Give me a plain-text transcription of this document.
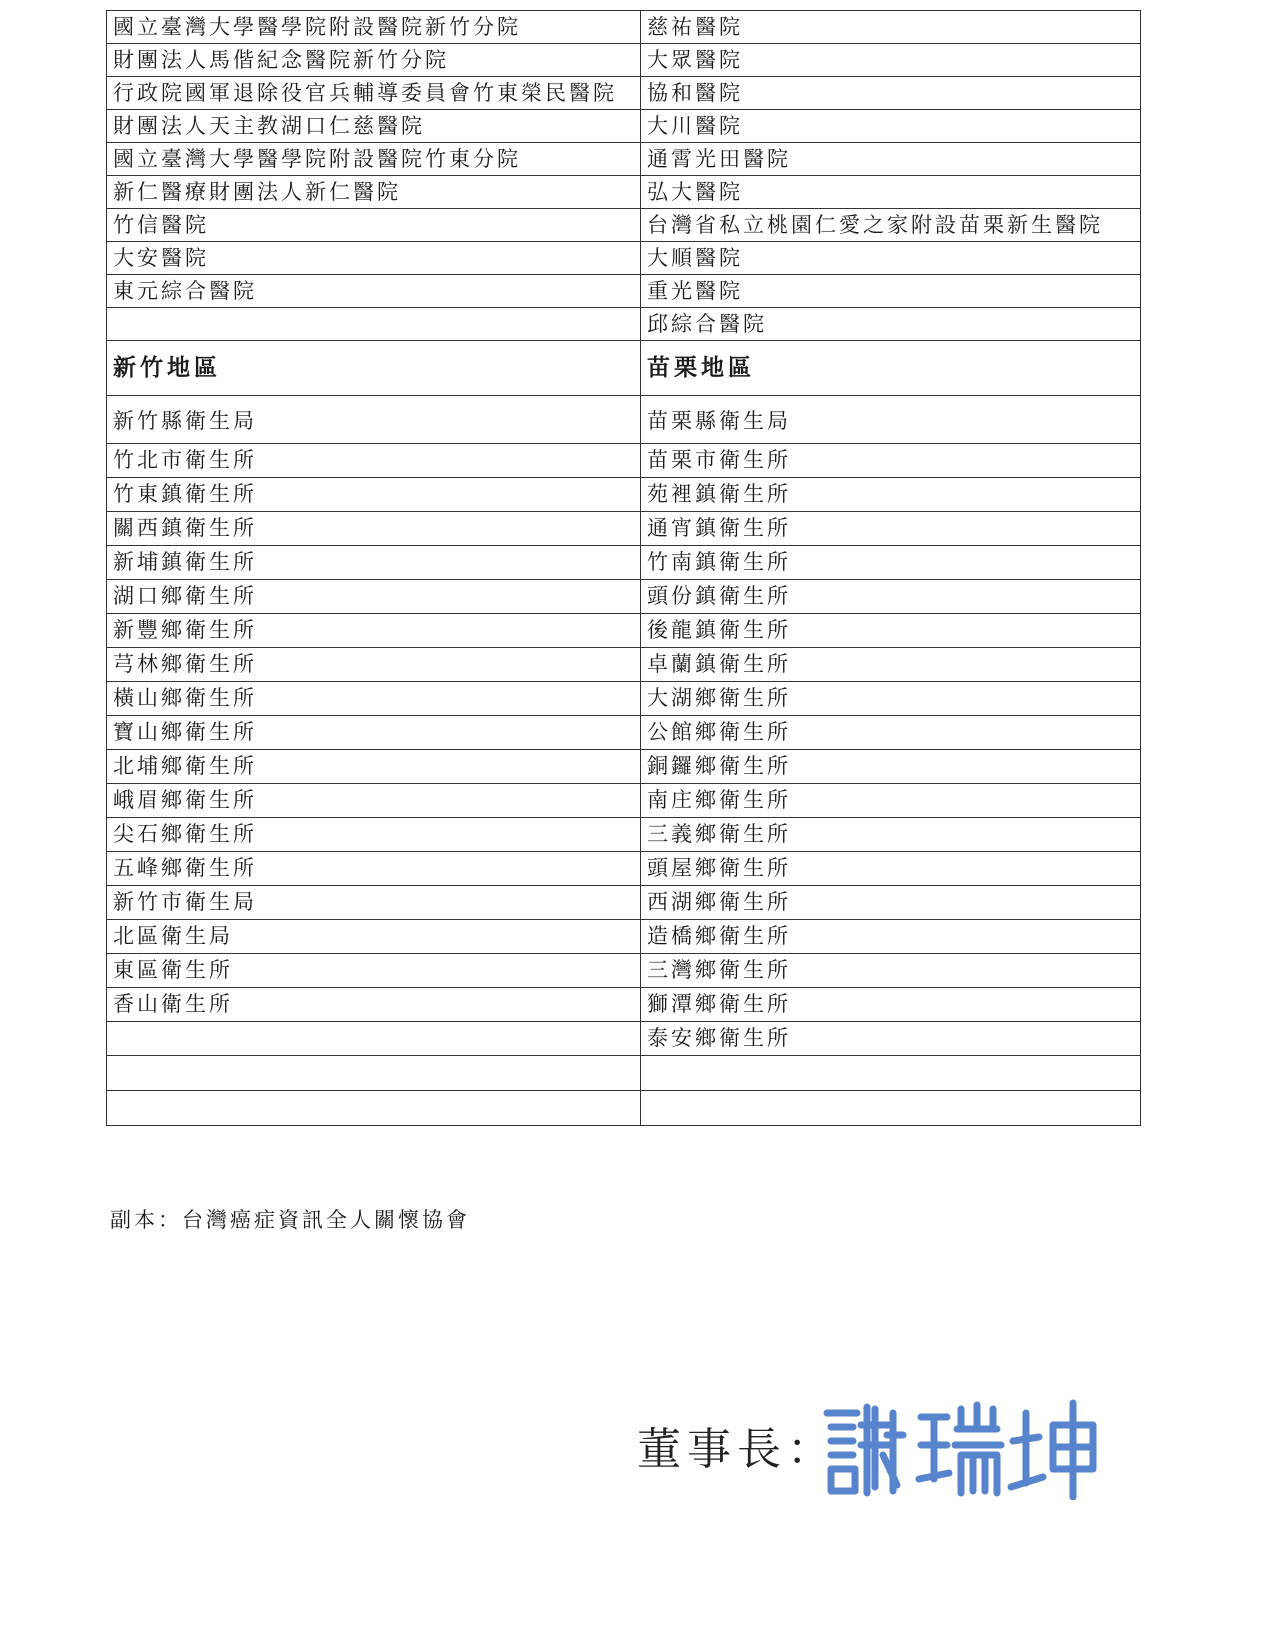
國立臺灣大學醫學院附設醫院新竹分院	慈祐醫院
財團法人馬偕紀念醫院新竹分院	大眾醫院
行政院國軍退除役官兵輔導委員會竹東榮民醫院	協和醫院
財團法人天主教湖口仁慈醫院	大川醫院
國立臺灣大學醫學院附設醫院竹東分院	通霄光田醫院
新仁醫療財團法人新仁醫院	弘大醫院
竹信醫院	台灣省私立桃園仁愛之家附設苗栗新生醫院
大安醫院	大順醫院
東元綜合醫院	重光醫院
	邱綜合醫院
新竹地區	苗栗地區
新竹縣衛生局	苗栗縣衛生局
竹北市衛生所	苗栗市衛生所
竹東鎮衛生所	苑裡鎮衛生所
關西鎮衛生所	通宵鎮衛生所
新埔鎮衛生所	竹南鎮衛生所
湖口鄉衛生所	頭份鎮衛生所
新豐鄉衛生所	後龍鎮衛生所
芎林鄉衛生所	卓蘭鎮衛生所
橫山鄉衛生所	大湖鄉衛生所
寶山鄉衛生所	公館鄉衛生所
北埔鄉衛生所	銅鑼鄉衛生所
峨眉鄉衛生所	南庄鄉衛生所
尖石鄉衛生所	三義鄉衛生所
五峰鄉衛生所	頭屋鄉衛生所
新竹市衛生局	西湖鄉衛生所
北區衛生局	造橋鄉衛生所
東區衛生所	三灣鄉衛生所
香山衛生所	獅潭鄉衛生所
	泰安鄉衛生所

副本：台灣癌症資訊全人關懷協會
董事長：
